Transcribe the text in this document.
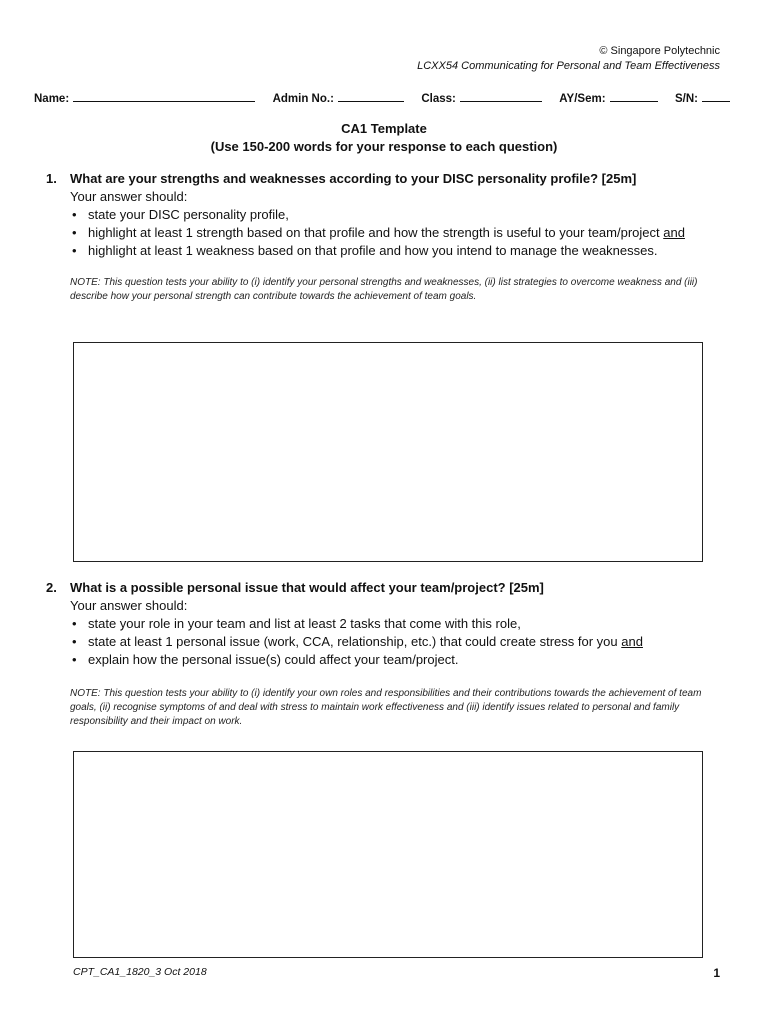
© Singapore Polytechnic
LCXX54 Communicating for Personal and Team Effectiveness
Name:	Admin No.:	Class:	AY/Sem:	S/N:
CA1 Template
(Use 150-200 words for your response to each question)
1.	What are your strengths and weaknesses according to your DISC personality profile? [25m]
Your answer should:
• state your DISC personality profile,
• highlight at least 1 strength based on that profile and how the strength is useful to your team/project and
• highlight at least 1 weakness based on that profile and how you intend to manage the weaknesses.
NOTE: This question tests your ability to (i) identify your personal strengths and weaknesses, (ii) list strategies to overcome weakness and (iii) describe how your personal strength can contribute towards the achievement of team goals.
2.	What is a possible personal issue that would affect your team/project? [25m]
Your answer should:
• state your role in your team and list at least 2 tasks that come with this role,
• state at least 1 personal issue (work, CCA, relationship, etc.) that could create stress for you and
• explain how the personal issue(s) could affect your team/project.
NOTE: This question tests your ability to (i) identify your own roles and responsibilities and their contributions towards the achievement of team goals, (ii) recognise symptoms of and deal with stress to maintain work effectiveness and (iii) identify issues related to personal and family responsibility and their impact on work.
CPT_CA1_1820_3 Oct 2018	1
